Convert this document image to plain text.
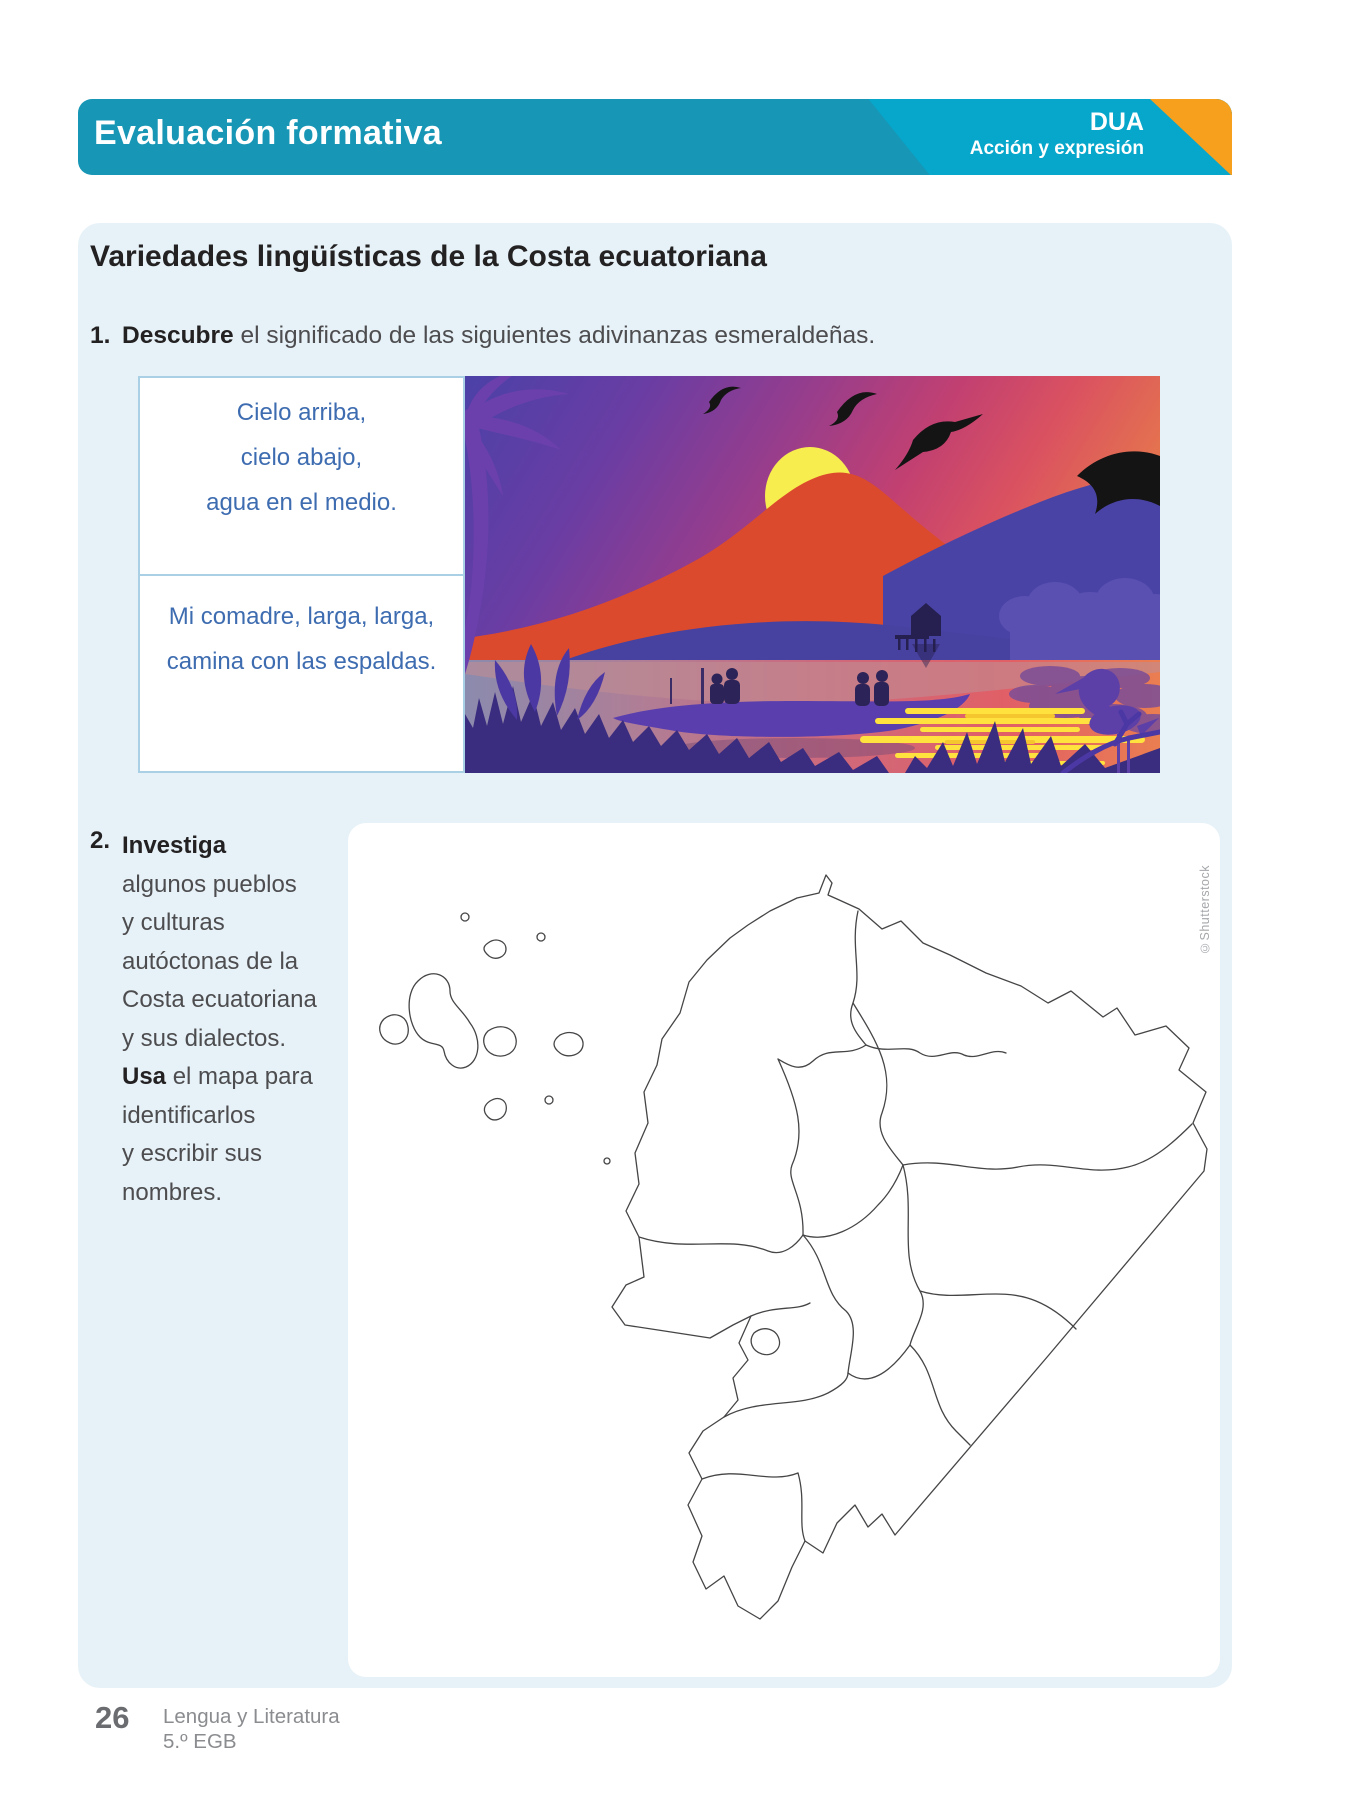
Evaluación formativa	DUA
Acción y expresión
Variedades lingüísticas de la Costa ecuatoriana
1. Descubre el significado de las siguientes adivinanzas esmeraldeñas.
Cielo arriba,
cielo abajo,
agua en el medio.
Mi comadre, larga, larga,
camina con las espaldas.
2. Investiga
algunos pueblos
y culturas
autóctonas de la
Costa ecuatoriana
y sus dialectos.
Usa el mapa para
identificarlos
y escribir sus
nombres.
©Shutterstock
26 Lengua y Literatura
5.º EGB
